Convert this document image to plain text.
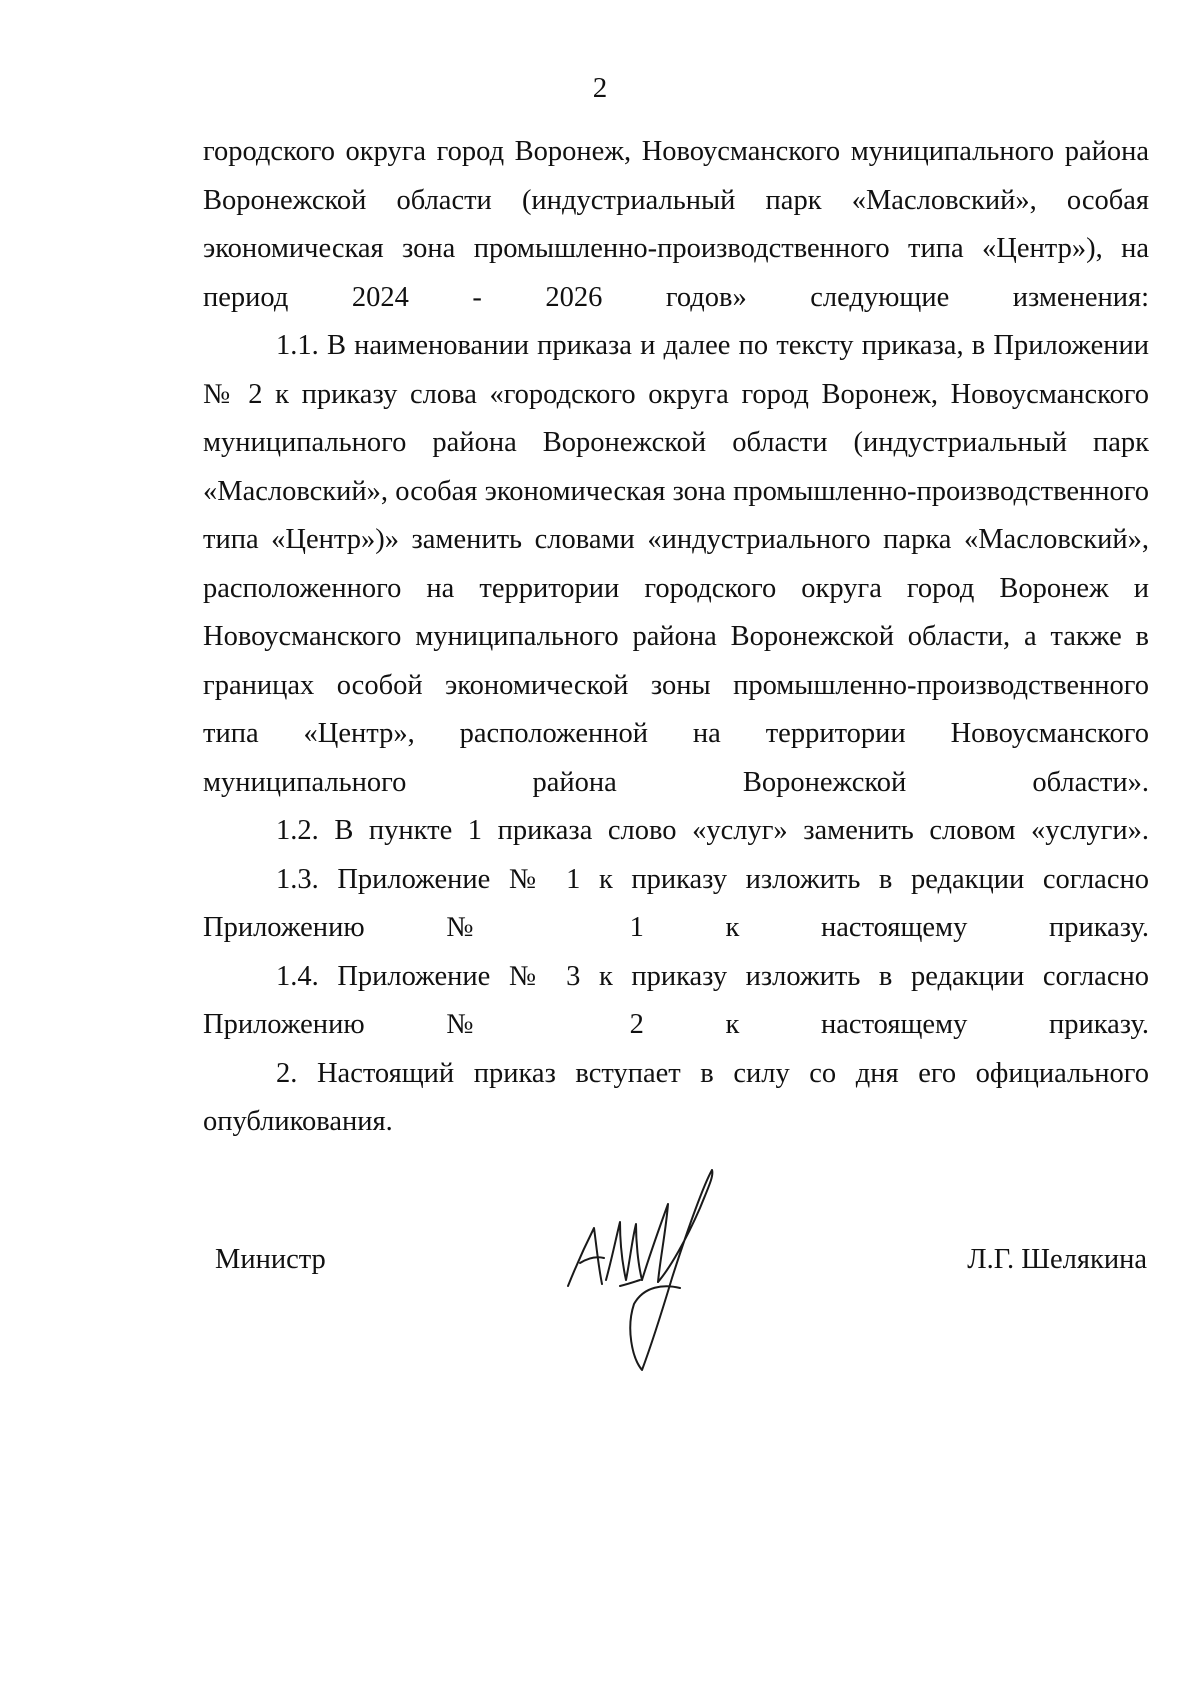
2

городского округа город Воронеж, Новоусманского муниципального района Воронежской области (индустриальный парк «Масловский», особая экономическая зона промышленно-производственного типа «Центр»), на период 2024 - 2026 годов» следующие изменения:

1.1. В наименовании приказа и далее по тексту приказа, в Приложении № 2 к приказу слова «городского округа город Воронеж, Новоусманского муниципального района Воронежской области (индустриальный парк «Масловский», особая экономическая зона промышленно-производственного типа «Центр»)» заменить словами «индустриального парка «Масловский», расположенного на территории городского округа город Воронеж и Новоусманского муниципального района Воронежской области, а также в границах особой экономической зоны промышленно-производственного типа «Центр», расположенной на территории Новоусманского муниципального	района Воронежской области».

1.2. В пункте 1 приказа слово «услуг» заменить словом «услуги».

1.3. Приложение № 1 к приказу изложить в редакции согласно Приложению № 1 к настоящему приказу.

1.4. Приложение № 3 к приказу изложить в редакции согласно Приложению № 2 к настоящему приказу.

2. Настоящий приказ вступает в силу со дня его официального опубликования.

Министр	Л.Г. Шелякина
